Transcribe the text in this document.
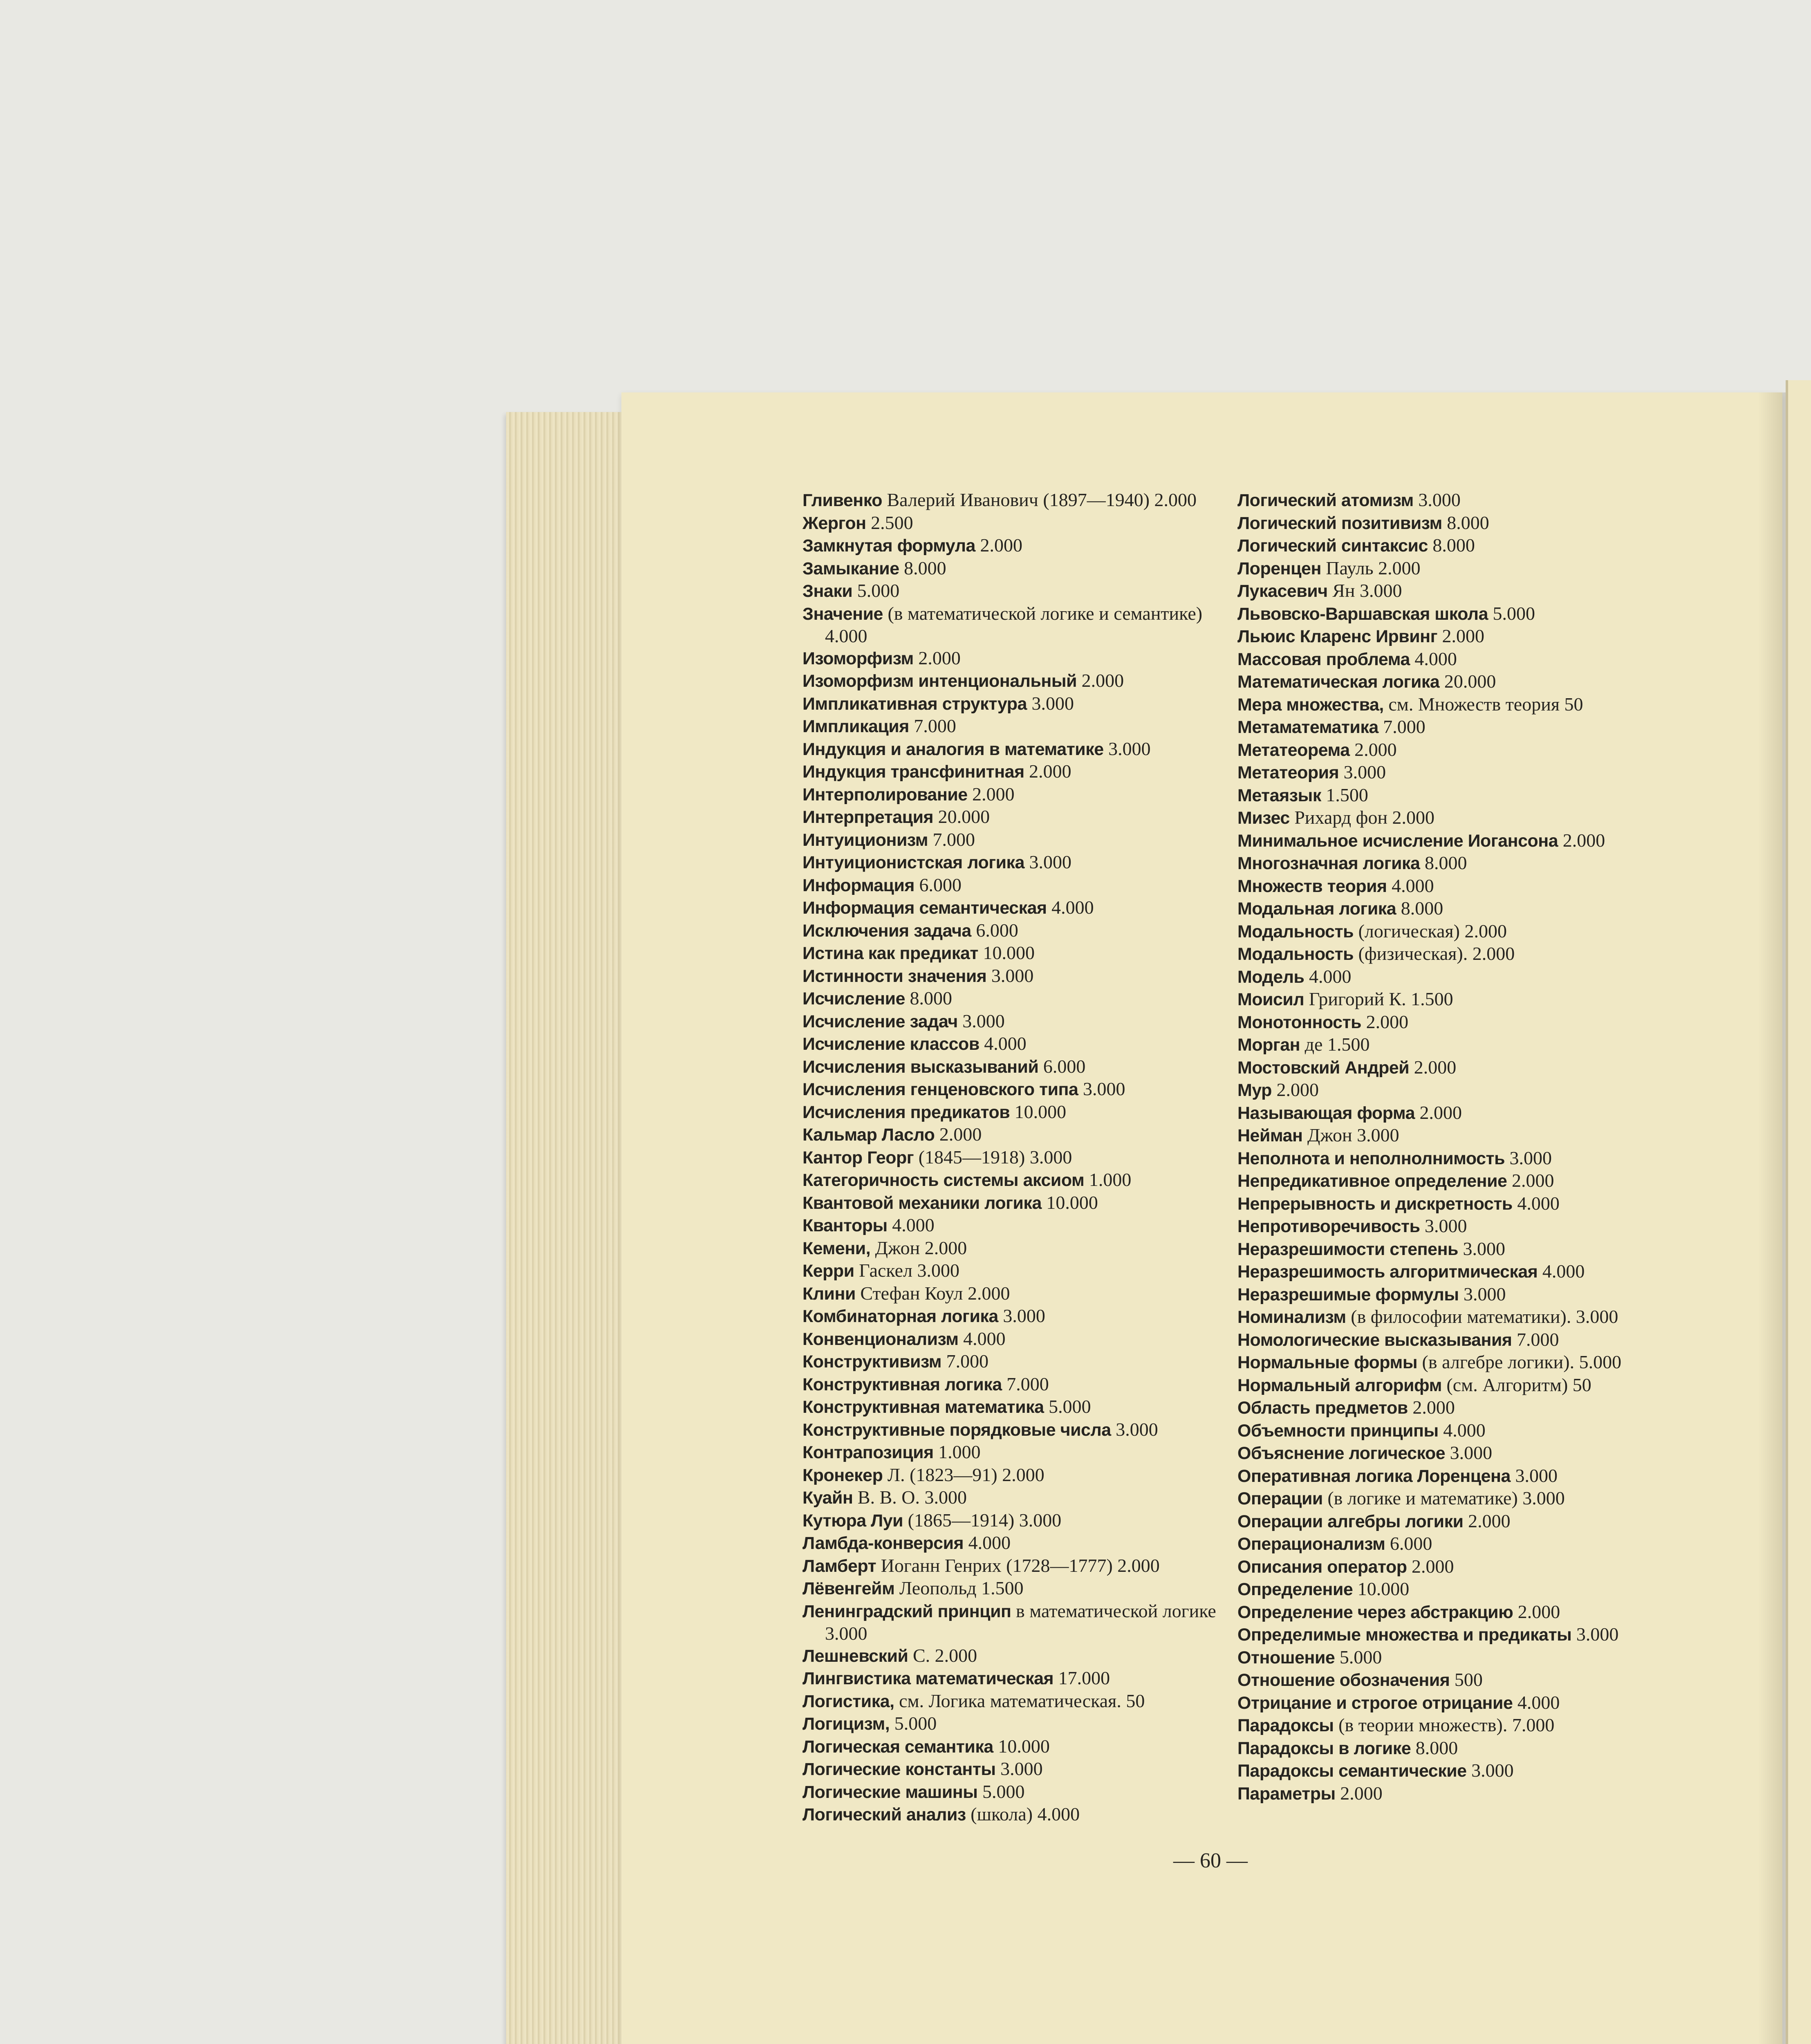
Гливенко Валерий Иванович (1897—1940) 2.000

Жергон 2.500

Замкнутая формула 2.000

Замыкание 8.000

Знаки 5.000

Значение (в математической логике и семантике) 4.000

Изоморфизм 2.000

Изоморфизм интенциональный 2.000

Импликативная структура 3.000

Импликация 7.000

Индукция и аналогия в математике 3.000

Индукция трансфинитная 2.000

Интерполирование 2.000

Интерпретация 20.000

Интуиционизм 7.000

Интуиционистская логика 3.000

Информация 6.000

Информация семантическая 4.000

Исключения задача 6.000

Истина как предикат 10.000

Истинности значения 3.000

Исчисление 8.000

Исчисление задач 3.000

Исчисление классов 4.000

Исчисления высказываний 6.000

Исчисления генценовского типа 3.000

Исчисления предикатов 10.000

Кальмар Ласло 2.000

Кантор Георг (1845—1918) 3.000

Категоричность системы аксиом 1.000

Квантовой механики логика 10.000

Кванторы 4.000

Кемени, Джон 2.000

Керри Гаскел 3.000

Клини Стефан Коул 2.000

Комбинаторная логика 3.000

Конвенционализм 4.000

Конструктивизм 7.000

Конструктивная логика 7.000

Конструктивная математика 5.000

Конструктивные порядковые числа 3.000

Контрапозиция 1.000

Кронекер Л. (1823—91) 2.000

Куайн В. В. О. 3.000

Кутюра Луи (1865—1914) 3.000

Ламбда-конверсия 4.000

Ламберт Иоганн Генрих (1728—1777) 2.000

Лёвенгейм Леопольд 1.500

Ленинградский принцип в математической логике 3.000

Лешневский С. 2.000

Лингвистика математическая 17.000

Логистика, см. Логика математическая. 50

Логицизм, 5.000

Логическая семантика 10.000

Логические константы 3.000

Логические машины 5.000

Логический анализ (школа) 4.000

Логический атомизм 3.000

Логический позитивизм 8.000

Логический синтаксис 8.000

Лоренцен Пауль 2.000

Лукасевич Ян 3.000

Львовско-Варшавская школа 5.000

Льюис Кларенс Ирвинг 2.000

Массовая проблема 4.000

Математическая логика 20.000

Мера множества, см. Множеств теория 50

Метаматематика 7.000

Метатеорема 2.000

Метатеория 3.000

Метаязык 1.500

Мизес Рихард фон 2.000

Минимальное исчисление Иогансона 2.000

Многозначная логика 8.000

Множеств теория 4.000

Модальная логика 8.000

Модальность (логическая) 2.000

Модальность (физическая). 2.000

Модель 4.000

Моисил Григорий К. 1.500

Монотонность 2.000

Морган де 1.500

Мостовский Андрей 2.000

Мур 2.000

Называющая форма 2.000

Нейман Джон 3.000

Неполнота и неполнолнимость 3.000

Непредикативное определение 2.000

Непрерывность и дискретность 4.000

Непротиворечивость 3.000

Неразрешимости степень 3.000

Неразрешимость алгоритмическая 4.000

Неразрешимые формулы 3.000

Номинализм (в философии математики). 3.000

Номологические высказывания 7.000

Нормальные формы (в алгебре логики). 5.000

Нормальный алгорифм (см. Алгоритм) 50

Область предметов 2.000

Объемности принципы 4.000

Объяснение логическое 3.000

Оперативная логика Лоренцена 3.000

Операции (в логике и математике) 3.000

Операции алгебры логики 2.000

Операционализм 6.000

Описания оператор 2.000

Определение 10.000

Определение через абстракцию 2.000

Определимые множества и предикаты 3.000

Отношение 5.000

Отношение обозначения 500

Отрицание и строгое отрицание 4.000

Парадоксы (в теории множеств). 7.000

Парадоксы в логике 8.000

Парадоксы семантические 3.000

Параметры 2.000

— 60 —
